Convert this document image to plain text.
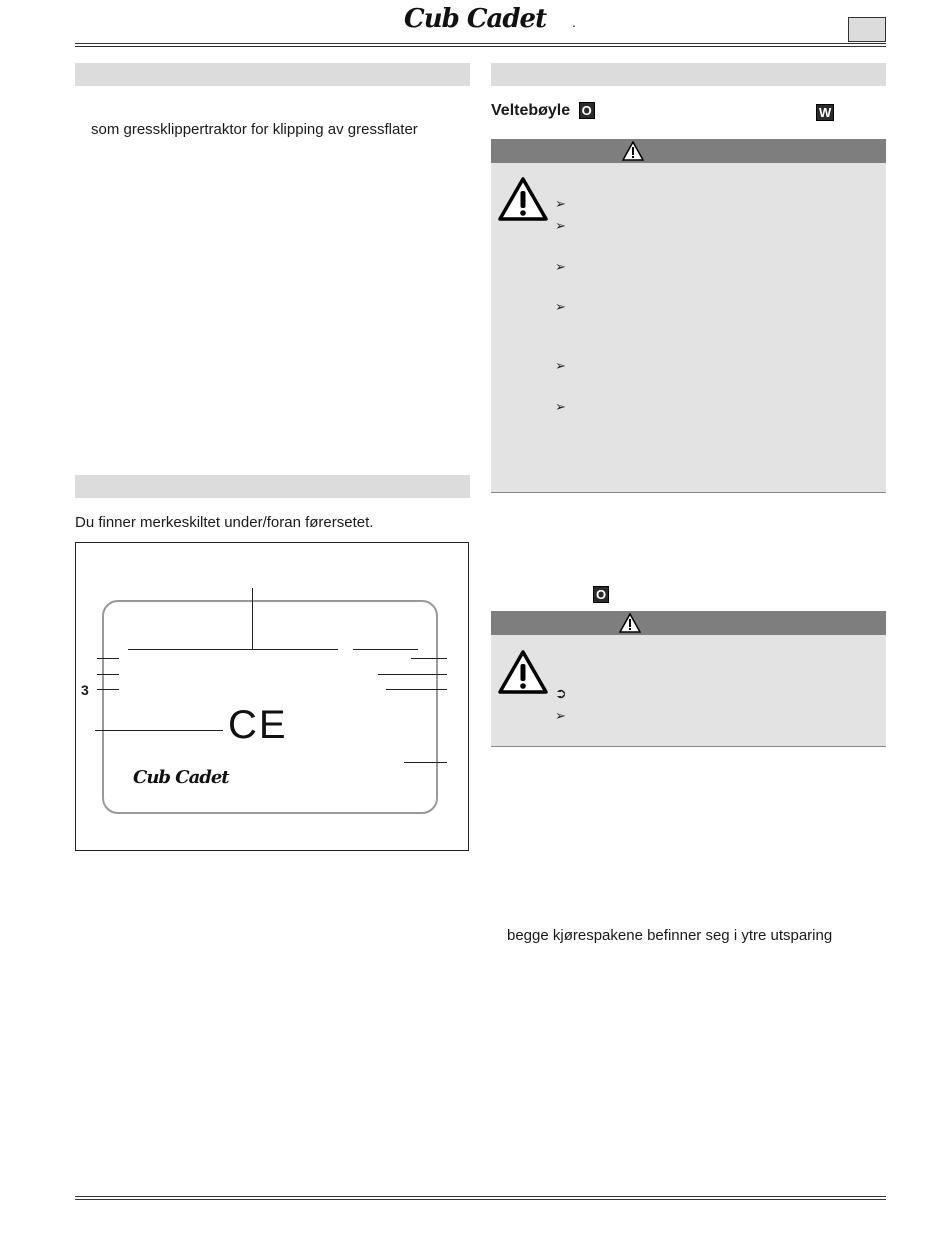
Cub Cadet .
som gressklippertraktor for klipping av gressflater
Du finner merkeskiltet under/foran førersetet.
3
CE
Cub Cadet
Veltebøyle O	W
➢
➢
➢
➢
➢
➢
O
➲
➢
begge kjørespakene befinner seg i ytre utsparing
